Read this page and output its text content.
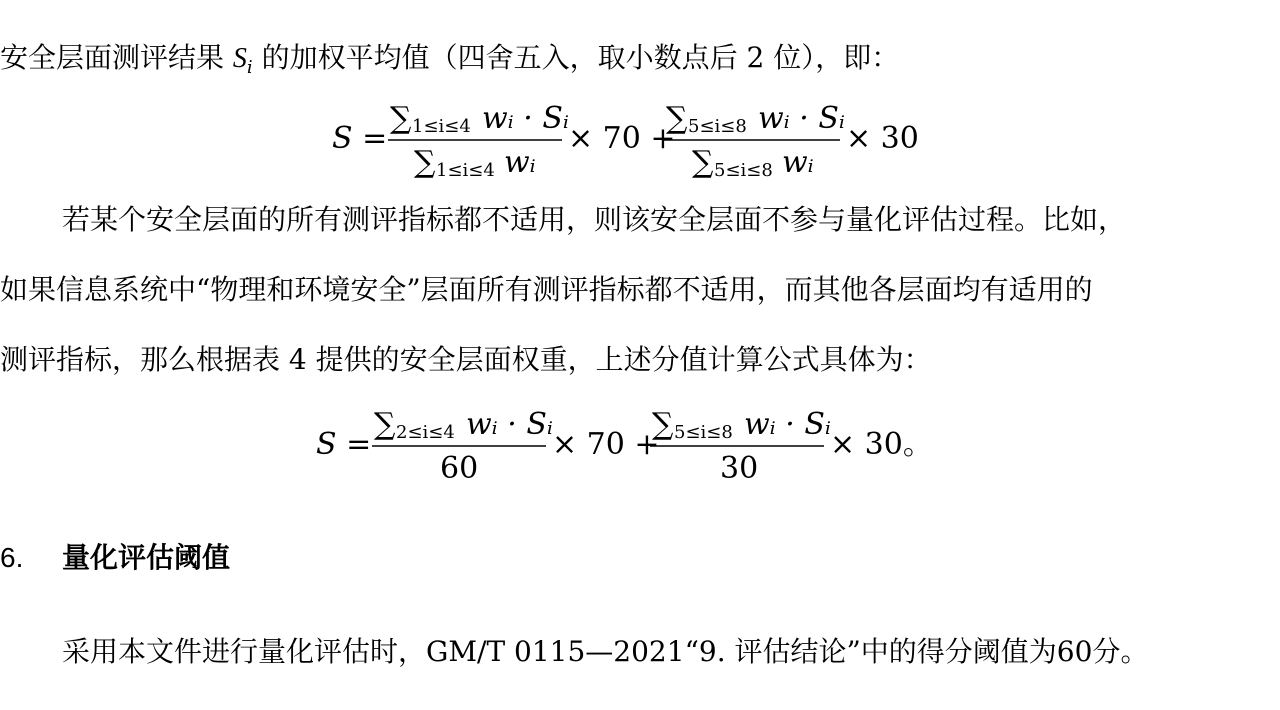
安全层面测评结果 $S_i$ 的加权平均值（四舍五入，取小数点后 2 位），即：
S =
∑ 1≤i≤4 wᵢ · Sᵢ
∑ 1≤i≤4 wᵢ
× 70 +
∑ 5≤i≤8 wᵢ · Sᵢ
∑ 5≤i≤8 wᵢ
× 30
S =
∑ 2≤i≤4 wᵢ · Sᵢ
60
× 70 +
∑ 5≤i≤8 wᵢ · Sᵢ
30
× 30。
若某个安全层面的所有测评指标都不适用，则该安全层面不参与量化评估过程。比如，
如果信息系统中“物理和环境安全”层面所有测评指标都不适用，而其他各层面均有适用的
测评指标，那么根据表 4 提供的安全层面权重，上述分值计算公式具体为：
6. 量化评估阈值
采用本文件进行量化评估时，GM/T 0115—2021“9. 评估结论”中的得分阈值为60分。
